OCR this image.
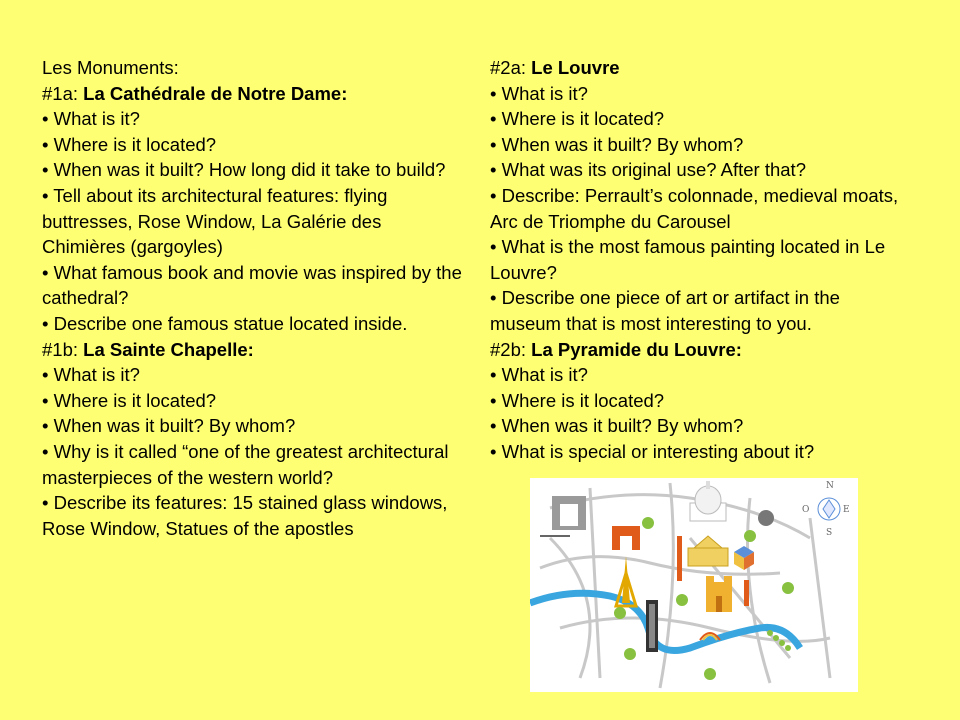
Les Monuments:
#1a: La Cathédrale de Notre Dame:
• What is it?
• Where is it located?
• When was it built? How long did it take to build?
• Tell about its architectural features: flying buttresses, Rose Window, La Galérie des Chimières (gargoyles)
• What famous book and movie was inspired by the cathedral?
• Describe one famous statue located inside.
#1b: La Sainte Chapelle:
• What is it?
• Where is it located?
• When was it built? By whom?
• Why is it called “one of the greatest architectural masterpieces of the western world?
• Describe its features: 15 stained glass windows, Rose Window, Statues of the apostles
#2a: Le Louvre
• What is it?
• Where is it located?
• When was it built? By whom?
• What was its original use? After that?
• Describe: Perrault’s colonnade, medieval moats, Arc de Triomphe du Carousel
• What is the most famous painting located in Le Louvre?
• Describe one piece of art or artifact in the museum that is most interesting to you.
#2b: La Pyramide du Louvre:
• What is it?
• Where is it located?
• When was it built? By whom?
• What is special or interesting about it?
N
S
E
O
